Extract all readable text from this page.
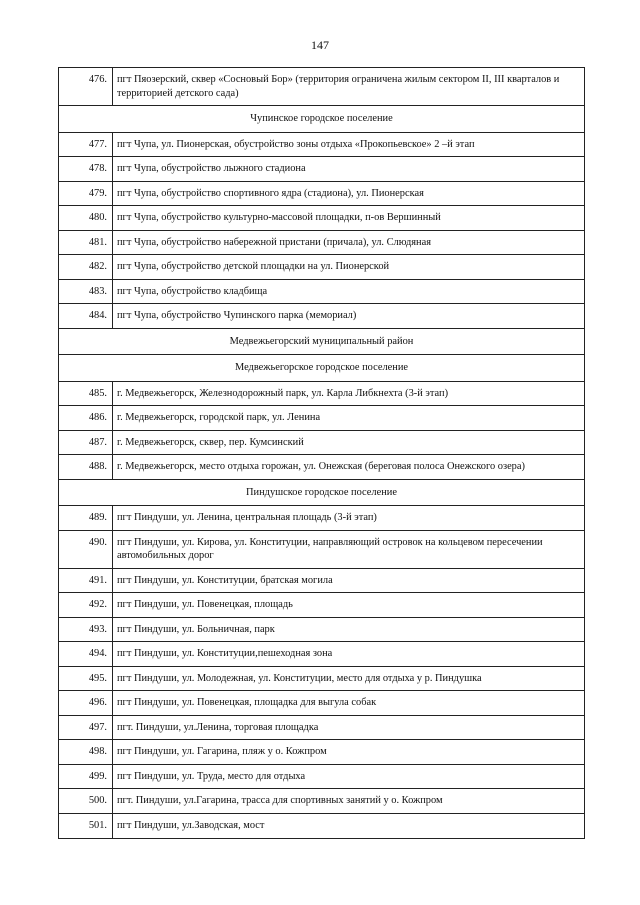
147
476.	пгт Пяозерский, сквер «Сосновый Бор» (территория ограничена жилым сектором II, III кварталов и территорией детского сада)
Чупинское городское поселение	
477.	пгт Чупа, ул. Пионерская, обустройство зоны отдыха «Прокопьевское» 2 –й этап
478.	пгт Чупа, обустройство лыжного стадиона
479.	пгт Чупа, обустройство спортивного ядра (стадиона), ул. Пионерская
480.	пгт Чупа, обустройство культурно-массовой площадки, п-ов Вершинный
481.	пгт Чупа, обустройство набережной пристани (причала), ул. Слюдяная
482.	пгт Чупа, обустройство детской площадки на ул. Пионерской
483.	пгт Чупа, обустройство кладбища
484.	пгт Чупа, обустройство Чупинского парка (мемориал)
Медвежьегорский муниципальный район	
Медвежьегорское городское поселение	
485.	г. Медвежьегорск, Железнодорожный парк, ул. Карла Либкнехта (3-й этап)
486.	г. Медвежьегорск, городской парк, ул. Ленина
487.	г. Медвежьегорск, сквер, пер. Кумсинский
488.	г. Медвежьегорск, место отдыха горожан, ул. Онежская (береговая полоса Онежского озера)
Пиндушское городское поселение	
489.	пгт Пиндуши, ул. Ленина, центральная площадь (3-й этап)
490.	пгт Пиндуши, ул. Кирова, ул. Конституции, направляющий островок на кольцевом пересечении автомобильных дорог
491.	пгт Пиндуши, ул. Конституции, братская могила
492.	пгт Пиндуши, ул. Повенецкая, площадь
493.	пгт Пиндуши, ул. Больничная, парк
494.	пгт Пиндуши, ул. Конституции,пешеходная зона
495.	пгт Пиндуши, ул. Молодежная, ул. Конституции, место для отдыха у р. Пиндушка
496.	пгт Пиндуши, ул. Повенецкая, площадка для выгула собак
497.	пгт. Пиндуши, ул.Ленина, торговая площадка
498.	пгт Пиндуши, ул. Гагарина, пляж у о. Кожпром
499.	пгт Пиндуши, ул. Труда, место для отдыха
500.	пгт. Пиндуши, ул.Гагарина, трасса для спортивных занятий у о. Кожпром
501.	пгт Пиндуши, ул.Заводская, мост
